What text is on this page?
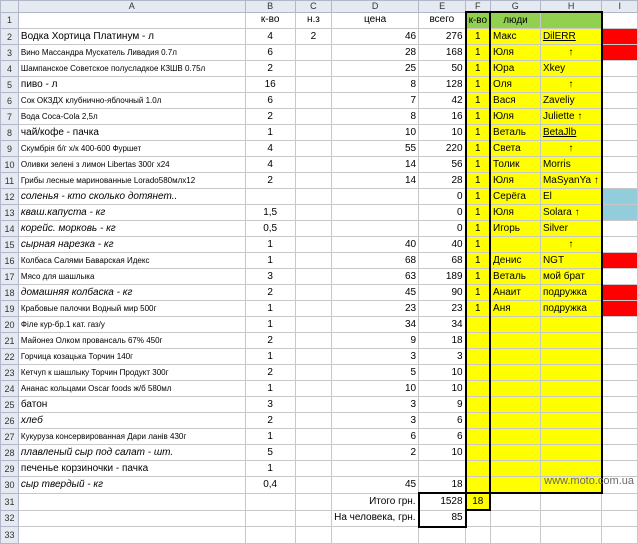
	A	B	C	D	E	F	G	H	I
1		к-во	н.з	цена	всего	к-во	люди		
2	Водка Хортица Платинум - л	4	2	46	276	1	Макс	DilERR	
3	Вино Массандра Мускатель Ливадия 0.7л	6		28	168	1	Юля	↑	
4	Шампанское Советское полусладкое КЗШВ 0.75л	2		25	50	1	Юра	Xkey	
5	пиво - л	16		8	128	1	Оля	↑	
6	Сок ОКЗДХ клубнично-яблочный 1.0л	6		7	42	1	Вася	Zaveliy	
7	Вода Coca-Cola 2,5л	2		8	16	1	Юля	Juliette ↑	
8	чай/кофе - пачка	1		10	10	1	Веталь	BetaJlb	
9	Скумбрія б/г х/к 400-600 Фуршет	4		55	220	1	Света	↑	
10	Оливки зелені з лимон Libertas 300г х24	4		14	56	1	Толик	Morris	
11	Грибы лесные маринованные Lorado580млх12	2		14	28	1	Юля	MaSyanYa ↑	
12	соленья - кто сколько дотянет..				0	1	Серёга	El	
13	кваш.капуста - кг	1,5			0	1	Юля	Solara ↑	
14	корейс. морковь - кг	0,5			0	1	Игорь	Silver	
15	сырная нарезка - кг	1		40	40	1		↑	
16	Колбаса Салями Баварская Идекс	1		68	68	1	Денис	NGT	
17	Мясо для шашлыка	3		63	189	1	Веталь	мой брат	
18	домашняя колбаска - кг	2		45	90	1	Анаит	подружка	
19	Крабовые палочки Водный мир 500г	1		23	23	1	Аня	подружка	
20	Філе кур-бр.1 кат. газ/у	1		34	34				
21	Майонез Олком провансаль 67% 450г	2		9	18				
22	Горчица козацька Торчин 140г	1		3	3				
23	Кетчуп к шашлыку Торчин Продукт 300г	2		5	10				
24	Ананас кольцами Oscar foods ж/б 580мл	1		10	10				
25	батон	3		3	9				
26	хлеб	2		3	6				
27	Кукуруза консервированная Дари ланів 430г	1		6	6				
28	плавленый сыр под салат - шт.	5		2	10				
29	печенье корзиночки - пачка	1							
30	сыр твердый - кг	0,4		45	18				
31				Итого грн.	1528	18			
32				На человека, грн.	85				
33									
www.moto.com.ua
